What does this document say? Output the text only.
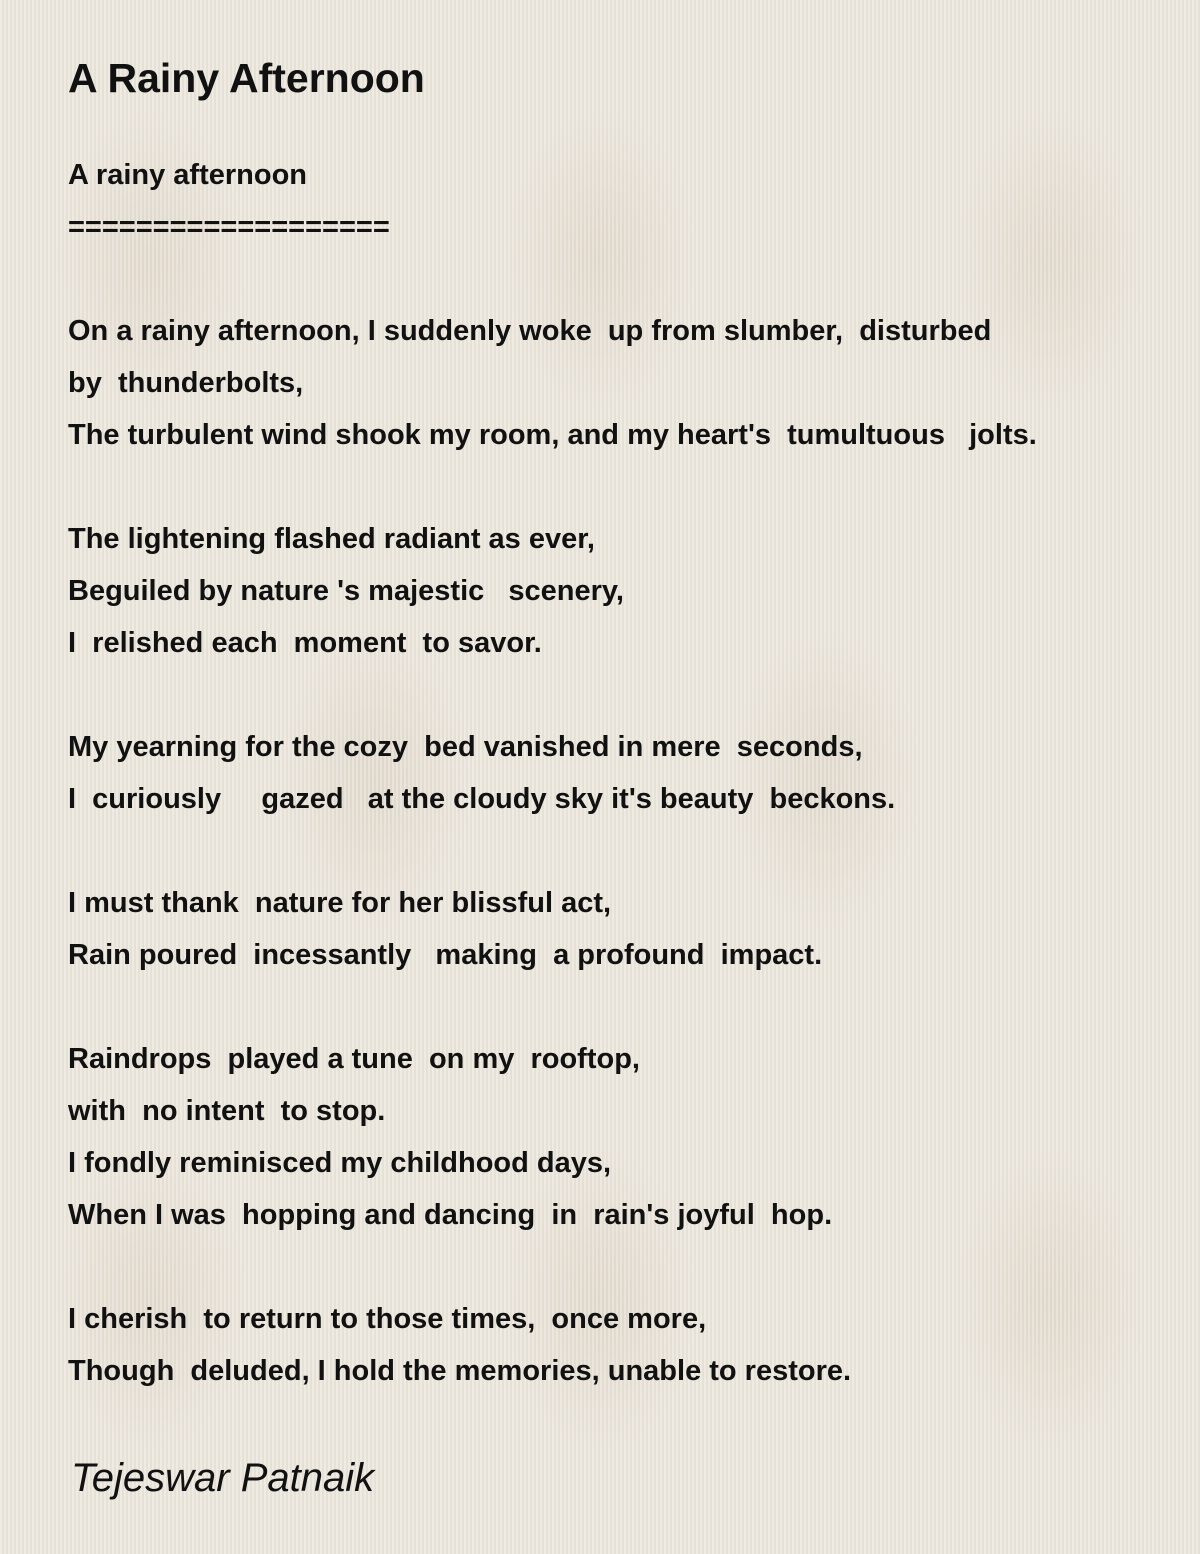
A Rainy Afternoon
A rainy afternoon
===================
On a rainy afternoon, I suddenly woke  up from slumber,  disturbed
by  thunderbolts,
The turbulent wind shook my room, and my heart's  tumultuous   jolts.
The lightening flashed radiant as ever,
Beguiled by nature 's majestic   scenery,
I  relished each  moment  to savor.
My yearning for the cozy  bed vanished in mere  seconds,
I  curiously     gazed   at the cloudy sky it's beauty  beckons.
I must thank  nature for her blissful act,
Rain poured  incessantly   making  a profound  impact.
Raindrops  played a tune  on my  rooftop,
with  no intent  to stop.
I fondly reminisced my childhood days,
When I was  hopping and dancing  in  rain's joyful  hop.
I cherish  to return to those times,  once more,
Though  deluded, I hold the memories, unable to restore.
Tejeswar Patnaik
